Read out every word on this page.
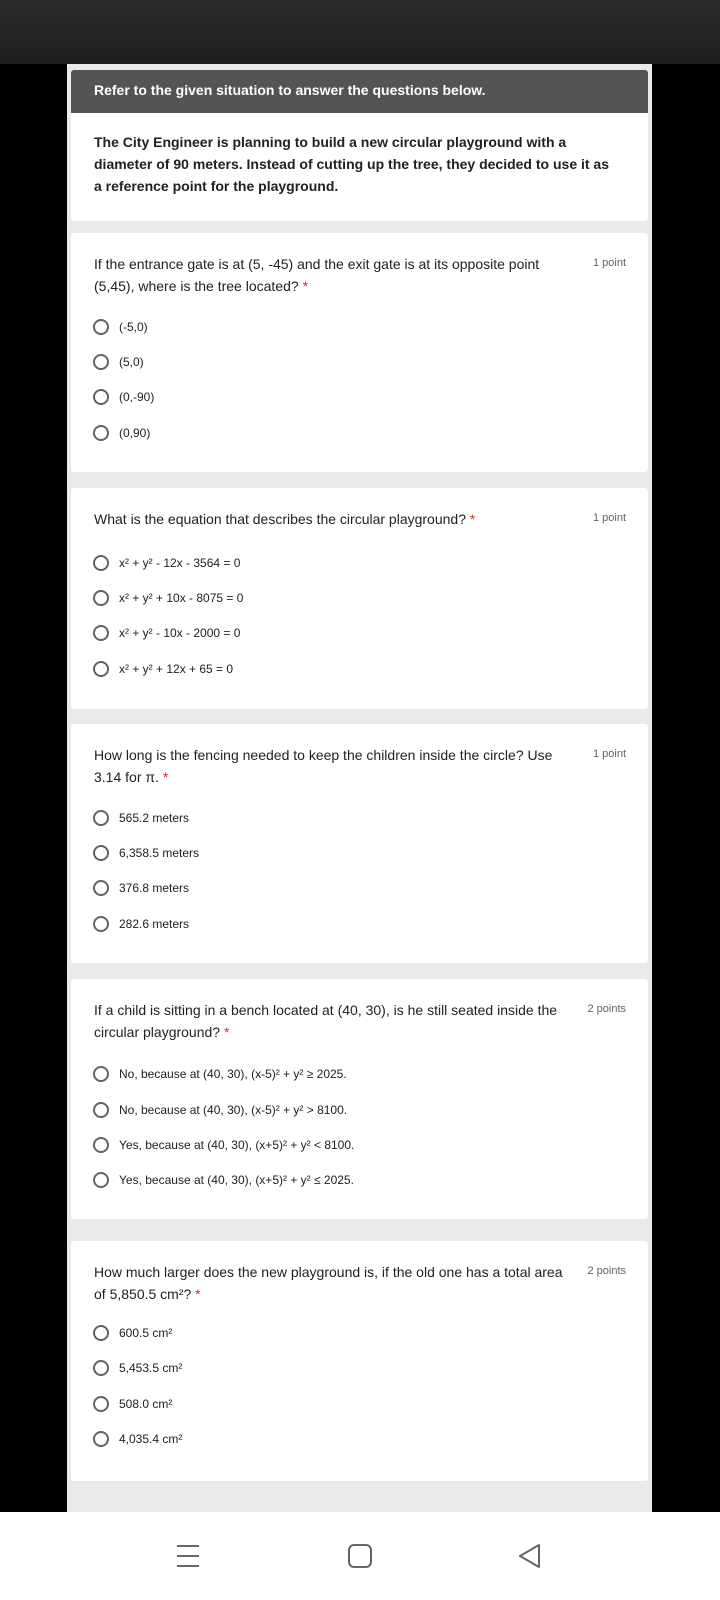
Refer to the given situation to answer the questions below.
The City Engineer is planning to build a new circular playground with a diameter of 90 meters. Instead of cutting up the tree, they decided to use it as a reference point for the playground.
If the entrance gate is at (5, -45) and the exit gate is at its opposite point (5,45), where is the tree located? *
1 point
(-5,0)
(5,0)
(0,-90)
(0,90)
What is the equation that describes the circular playground? *	1 point
x² + y² - 12x - 3564 = 0
x² + y² + 10x - 8075 = 0
x² + y² - 10x - 2000 = 0
x² + y² + 12x + 65 = 0
How long is the fencing needed to keep the children inside the circle? Use 3.14 for π. *
1 point
565.2 meters
6,358.5 meters
376.8 meters
282.6 meters
If a child is sitting in a bench located at (40, 30), is he still seated inside the circular playground? *
2 points
No, because at (40, 30), (x-5)² + y² ≥ 2025.
No, because at (40, 30), (x-5)² + y² > 8100.
Yes, because at (40, 30), (x+5)² + y² < 8100.
Yes, because at (40, 30), (x+5)² + y² ≤ 2025.
How much larger does the new playground is, if the old one has a total area of 5,850.5 cm²? *
2 points
600.5 cm²
5,453.5 cm²
508.0 cm²
4,035.4 cm²
